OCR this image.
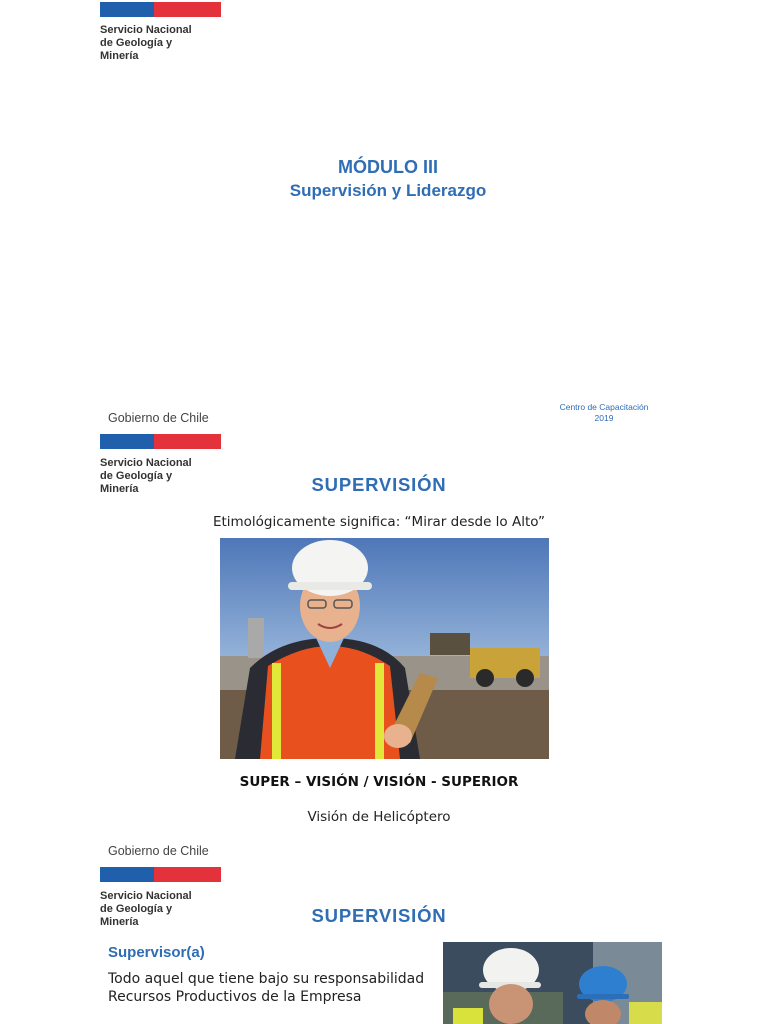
Servicio Nacional
de Geología y
Minería
MÓDULO III
Supervisión y Liderazgo
Centro de Capacitación
2019
Gobierno de Chile
Servicio Nacional
de Geología y
Minería	SUPERVISIÓN
Etimológicamente significa: “Mirar desde lo Alto”
SUPER – VISIÓN / VISIÓN - SUPERIOR
Visión de Helicóptero
Gobierno de Chile
Servicio Nacional
de Geología y
Minería	SUPERVISIÓN
Supervisor(a)
Todo aquel que tiene bajo su responsabilidad
Recursos Productivos de la Empresa
